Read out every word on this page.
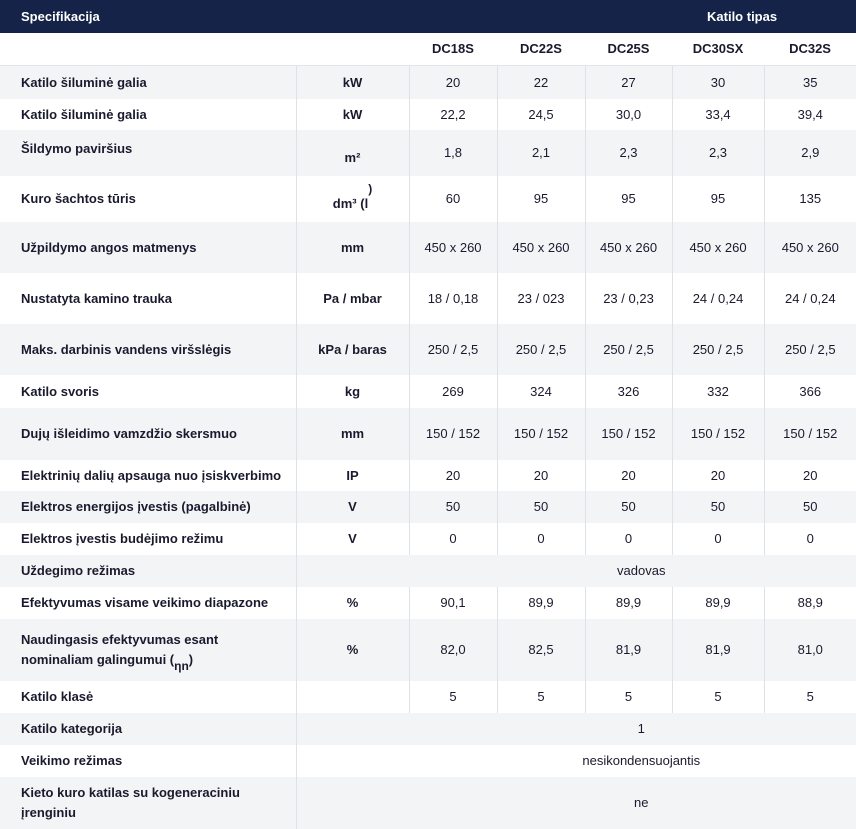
Specifikacija					Katilo tipas	
		DC18S	DC22S	DC25S	DC30SX	DC32S
Katilo šiluminė galia	kW	20	22	27	30	35
Katilo šiluminė galia	kW	22,2	24,5	30,0	33,4	39,4
Šildymo paviršius	m²	1,8	2,1	2,3	2,3	2,9
Kuro šachtos tūris	dm³ (l)	60	95	95	95	135
Užpildymo angos matmenys	mm	450 x 260	450 x 260	450 x 260	450 x 260	450 x 260
Nustatyta kamino trauka	Pa / mbar	18 / 0,18	23 / 023	23 / 0,23	24 / 0,24	24 / 0,24
Maks. darbinis vandens viršslėgis	kPa / baras	250 / 2,5	250 / 2,5	250 / 2,5	250 / 2,5	250 / 2,5
Katilo svoris	kg	269	324	326	332	366
Dujų išleidimo vamzdžio skersmuo	mm	150 / 152	150 / 152	150 / 152	150 / 152	150 / 152
Elektrinių dalių apsauga nuo įsiskverbimo	IP	20	20	20	20	20
Elektros energijos įvestis (pagalbinė)	V	50	50	50	50	50
Elektros įvestis budėjimo režimu	V	0	0	0	0	0
Uždegimo režimas	vadovas					
Efektyvumas visame veikimo diapazone	%	90,1	89,9	89,9	89,9	88,9
Naudingasis efektyvumas esant nominaliam galingumui (ηn)	%	82,0	82,5	81,9	81,9	81,0
Katilo klasė		5	5	5	5	5
Katilo kategorija	1					
Veikimo režimas	nesikondensuojantis					
Kieto kuro katilas su kogeneraciniu įrenginiu	ne					
